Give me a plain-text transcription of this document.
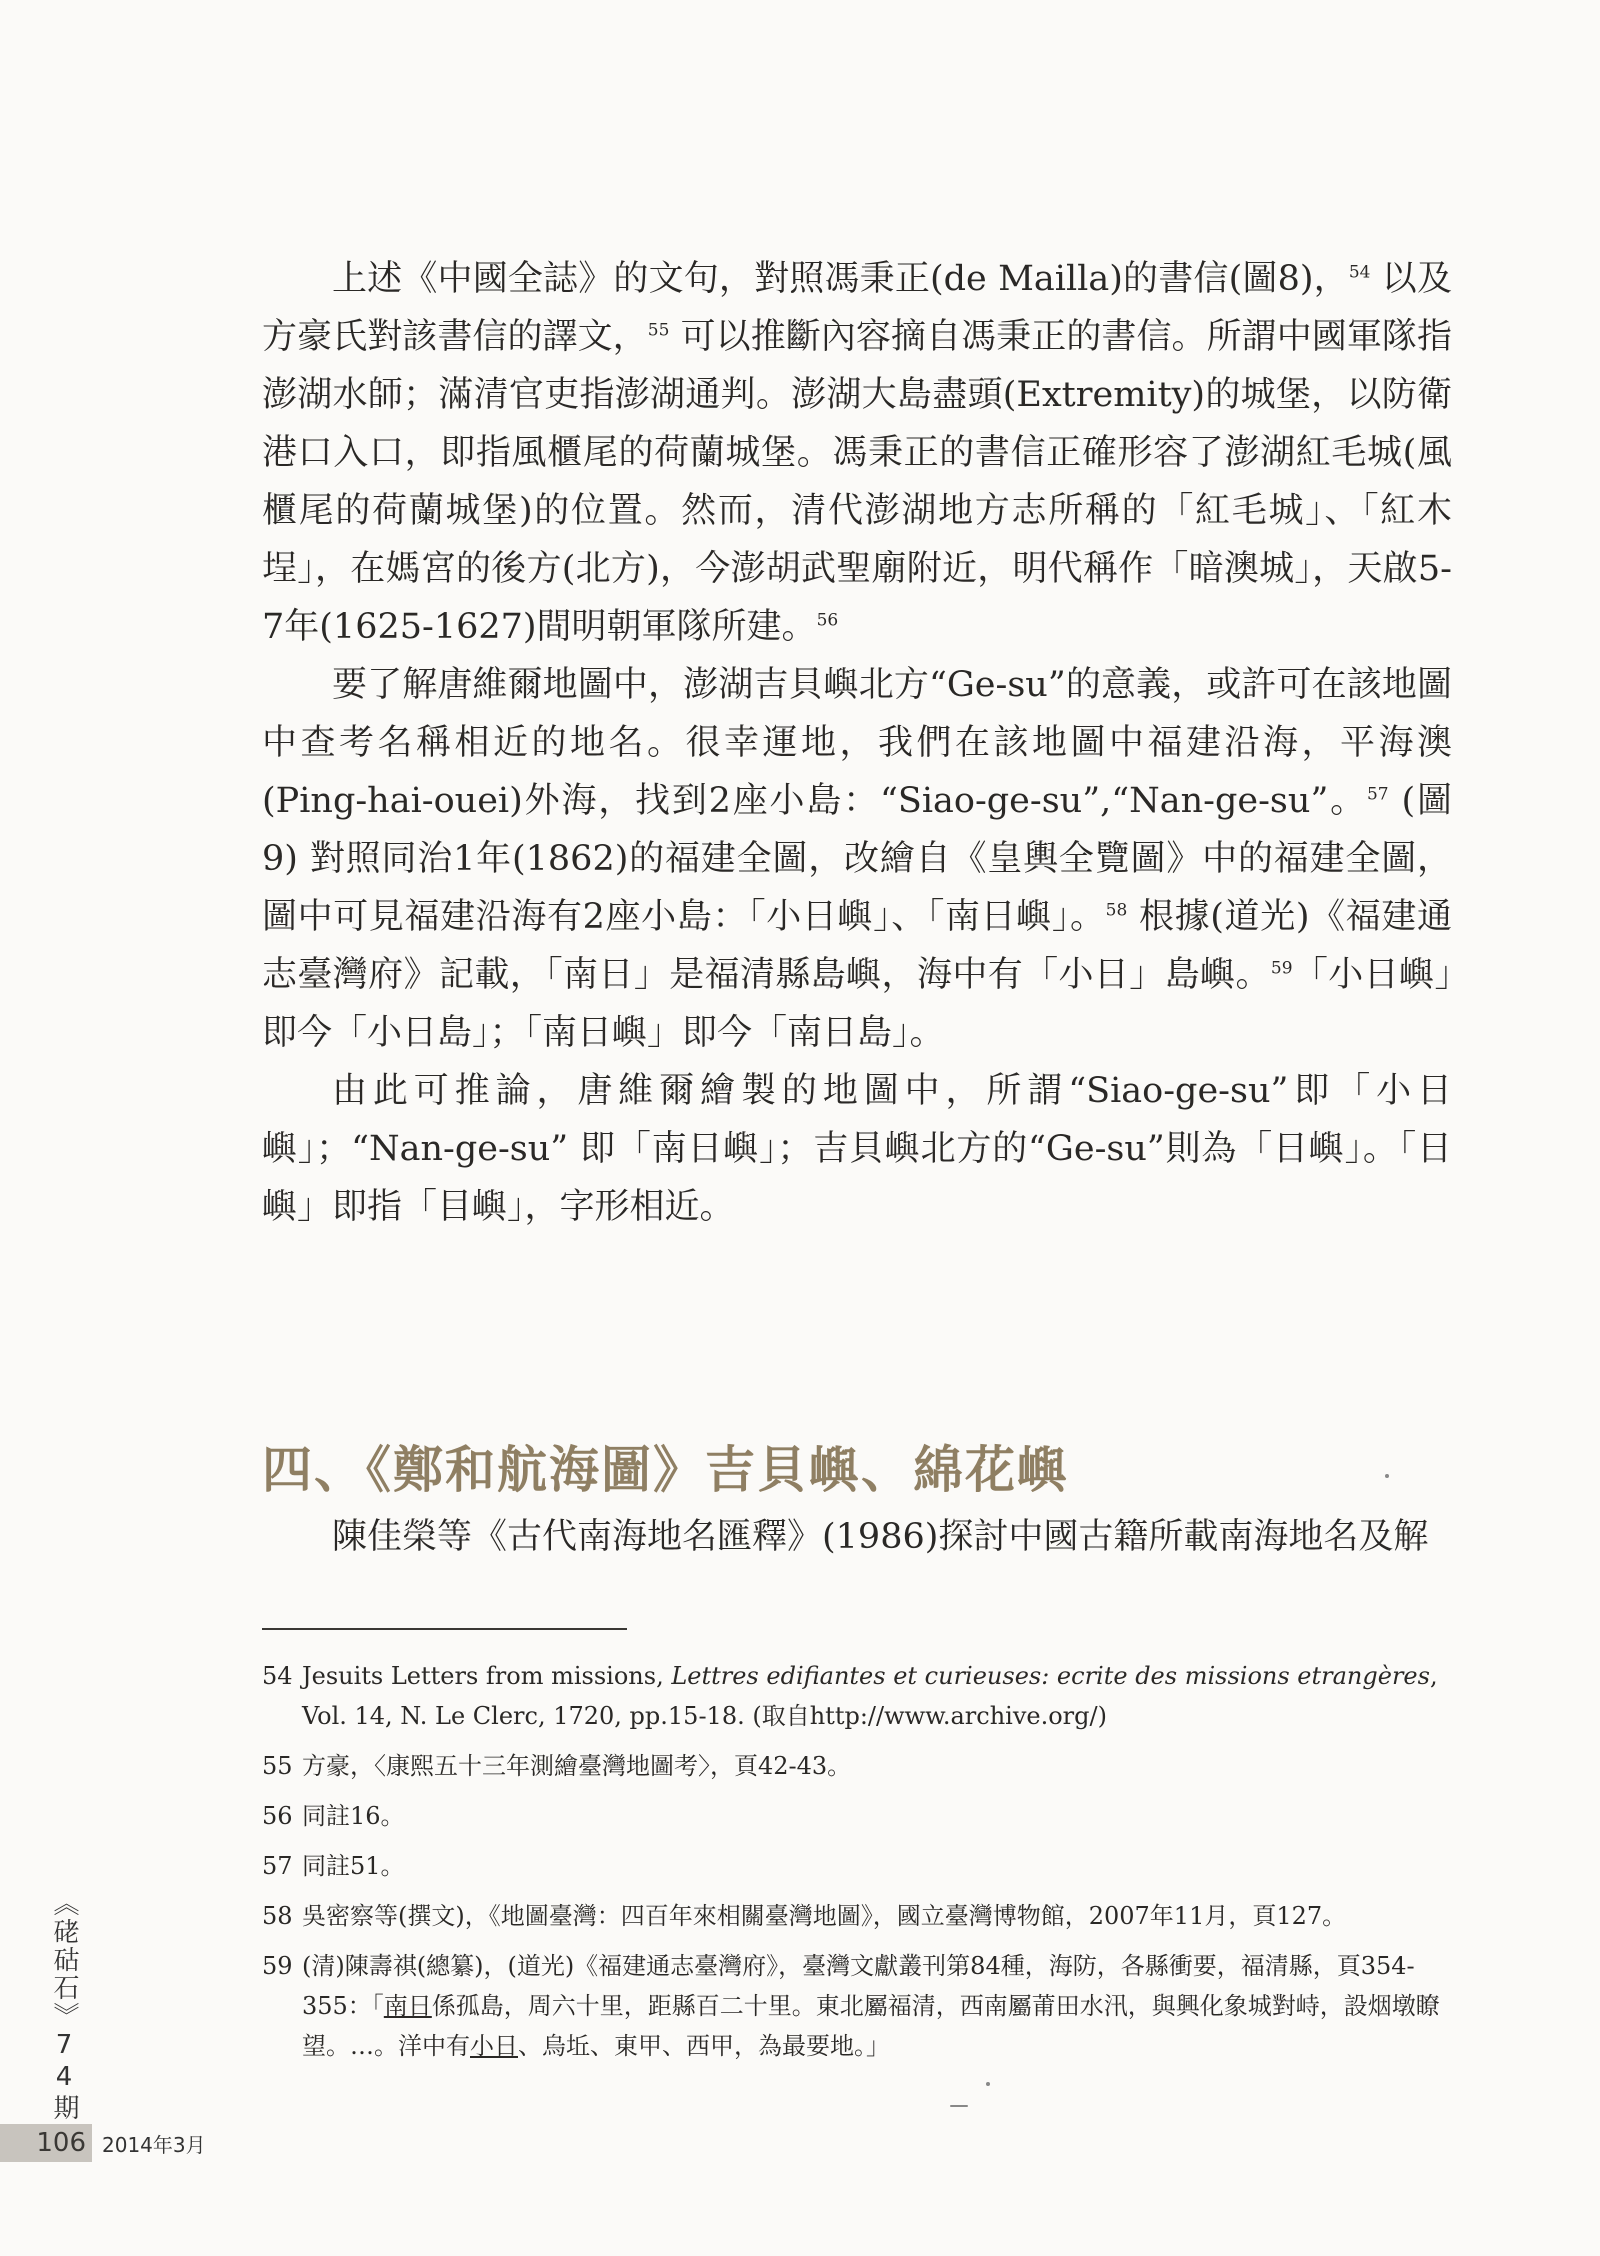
上述《中國全誌》的文句，對照馮秉正(de Mailla)的書信(圖8)，$^{54}$ 以及方豪氏對該書信的譯文，$^{55}$ 可以推斷內容摘自馮秉正的書信。所謂中國軍隊指澎湖水師；滿清官吏指澎湖通判。澎湖大島盡頭(Extremity)的城堡，以防衛港口入口，即指風櫃尾的荷蘭城堡。馮秉正的書信正確形容了澎湖紅毛城(風櫃尾的荷蘭城堡)的位置。然而，清代澎湖地方志所稱的「紅毛城」、「紅木埕」，在媽宮的後方(北方)，今澎胡武聖廟附近，明代稱作「暗澳城」，天啟5-7年(1625-1627)間明朝軍隊所建。$^{56}$

要了解唐維爾地圖中，澎湖吉貝嶼北方“Ge-su”的意義，或許可在該地圖中查考名稱相近的地名。很幸運地，我們在該地圖中福建沿海，平海澳(Ping-hai-ouei)外海，找到2座小島：“Siao-ge-su”,“Nan-ge-su”。$^{57}$ (圖9) 對照同治1年(1862)的福建全圖，改繪自《皇輿全覽圖》中的福建全圖，圖中可見福建沿海有2座小島：「小日嶼」、「南日嶼」。$^{58}$ 根據(道光)《福建通志臺灣府》記載，「南日」是福清縣島嶼，海中有「小日」島嶼。$^{59}$「小日嶼」即今「小日島」；「南日嶼」即今「南日島」。

由此可推論，唐維爾繪製的地圖中，所謂“Siao-ge-su”即「小日嶼」；“Nan-ge-su” 即「南日嶼」；吉貝嶼北方的“Ge-su”則為「日嶼」。「日嶼」即指「目嶼」，字形相近。

四、《鄭和航海圖》吉貝嶼、綿花嶼

陳佳榮等《古代南海地名匯釋》(1986)探討中國古籍所載南海地名及解

54 Jesuits Letters from missions, Lettres edifiantes et curieuses: ecrite des missions etrangères, Vol. 14, N. Le Clerc, 1720, pp.15-18. (取自http://www.archive.org/)
55 方豪，〈康熙五十三年測繪臺灣地圖考〉，頁42-43。
56 同註16。
57 同註51。
58 吳密察等(撰文)，《地圖臺灣：四百年來相關臺灣地圖》，國立臺灣博物館，2007年11月，頁127。
59 (清)陳壽祺(總纂)，(道光)《福建通志臺灣府》，臺灣文獻叢刊第84種，海防，各縣衝要，福清縣，頁354-355：「南日係孤島，周六十里，距縣百二十里。東北屬福清，西南屬莆田水汛，與興化象城對峙，設烟墩瞭望。…。洋中有小日、烏坵、東甲、西甲，為最要地。」
《硓𥑮石》74期
106 2014年3月
